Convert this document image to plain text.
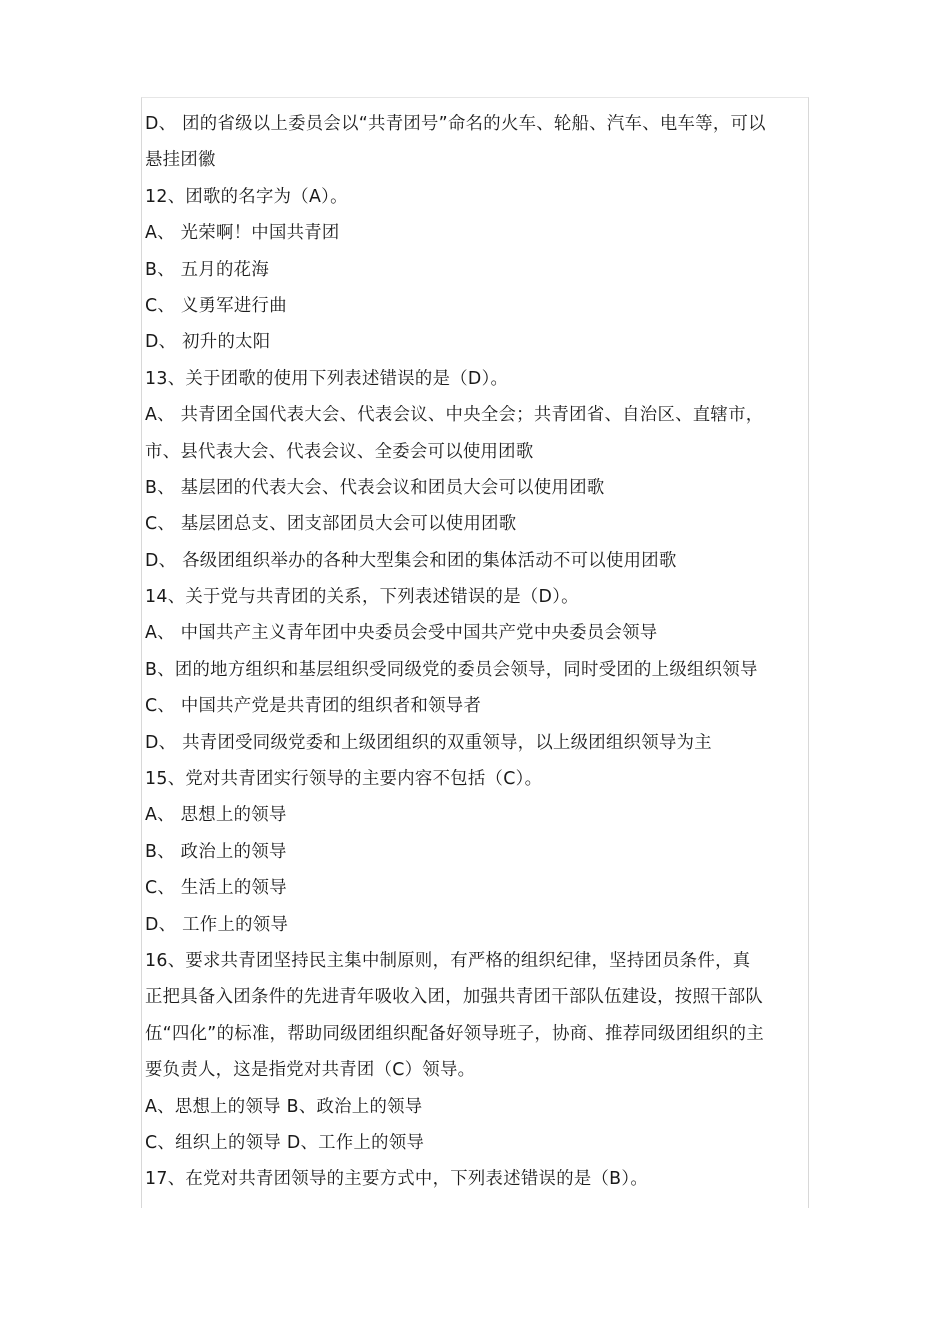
D、 团的省级以上委员会以“共青团号”命名的火车、轮船、汽车、电车等，可以
悬挂团徽
12、团歌的名字为（A）。
A、 光荣啊！中国共青团
B、 五月的花海
C、 义勇军进行曲
D、 初升的太阳
13、关于团歌的使用下列表述错误的是（D）。
A、 共青团全国代表大会、代表会议、中央全会；共青团省、自治区、直辖市，
市、县代表大会、代表会议、全委会可以使用团歌
B、 基层团的代表大会、代表会议和团员大会可以使用团歌
C、 基层团总支、团支部团员大会可以使用团歌
D、 各级团组织举办的各种大型集会和团的集体活动不可以使用团歌
14、关于党与共青团的关系，下列表述错误的是（D）。
A、 中国共产主义青年团中央委员会受中国共产党中央委员会领导
B、团的地方组织和基层组织受同级党的委员会领导，同时受团的上级组织领导
C、 中国共产党是共青团的组织者和领导者
D、 共青团受同级党委和上级团组织的双重领导，以上级团组织领导为主
15、党对共青团实行领导的主要内容不包括（C）。
A、 思想上的领导
B、 政治上的领导
C、 生活上的领导
D、 工作上的领导
16、要求共青团坚持民主集中制原则，有严格的组织纪律，坚持团员条件，真
正把具备入团条件的先进青年吸收入团，加强共青团干部队伍建设，按照干部队
伍“四化”的标准，帮助同级团组织配备好领导班子，协商、推荐同级团组织的主
要负责人，这是指党对共青团（C）领导。
A、思想上的领导 B、政治上的领导
C、组织上的领导 D、工作上的领导
17、在党对共青团领导的主要方式中，下列表述错误的是（B）。
